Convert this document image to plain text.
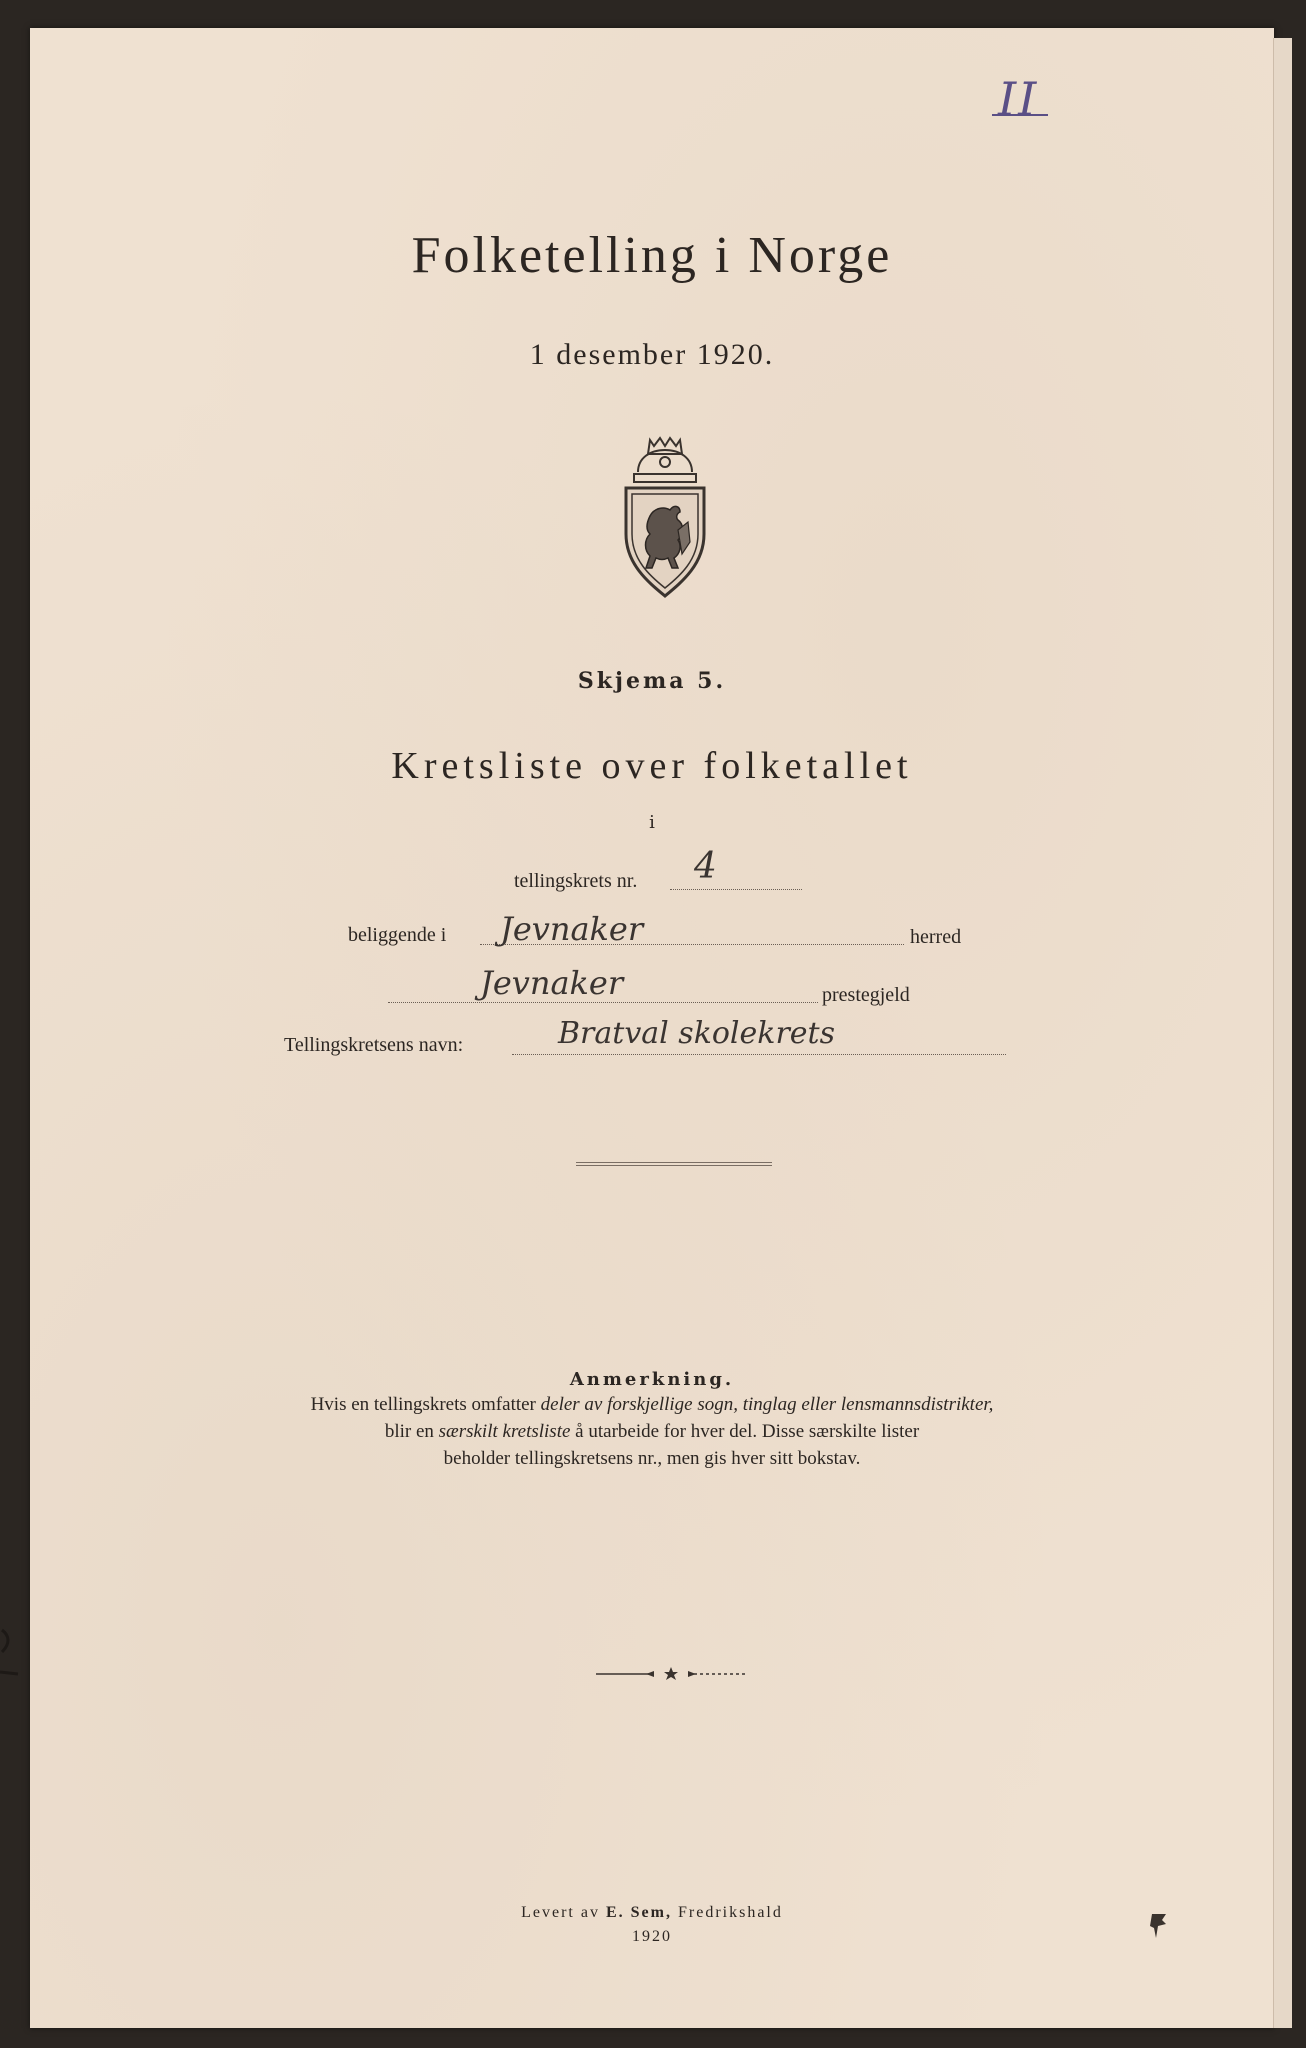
II
Folketelling i Norge
1 desember 1920.
Skjema 5.
Kretsliste over folketallet
i
tellingskrets nr. 4
beliggende i Jevnaker	herred
Jevnaker	prestegjeld
Tellingskretsens navn:	Bratval skolekrets
Anmerkning.
Hvis en tellingskrets omfatter deler av forskjellige sogn, tinglag eller lensmannsdistrikter,
blir en særskilt kretsliste å utarbeide for hver del. Disse særskilte lister
beholder tellingskretsens nr., men gis hver sitt bokstav.
Levert av E. Sem, Fredrikshald
1920
